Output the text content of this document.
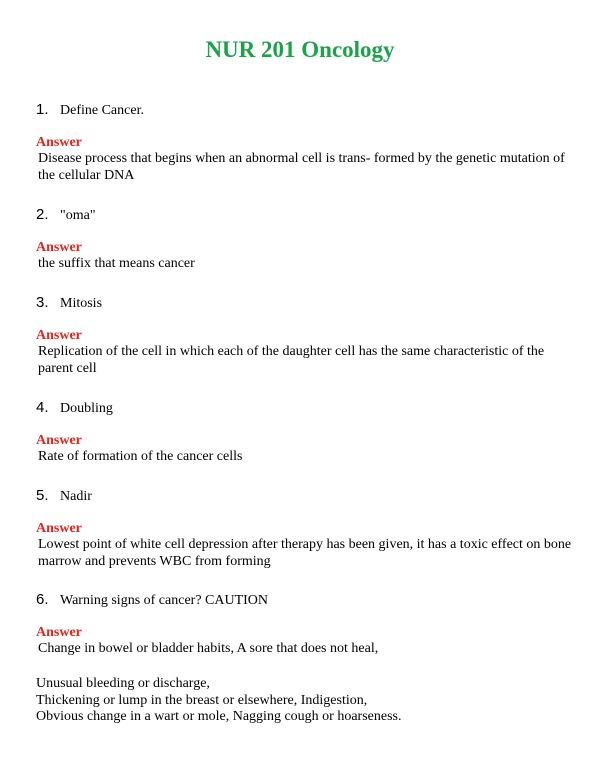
NUR 201 Oncology
1. Define Cancer.
Answer
Disease process that begins when an abnormal cell is trans- formed by the genetic mutation of the cellular DNA
2. "oma"
Answer
the suffix that means cancer
3. Mitosis
Answer
Replication of the cell in which each of the daughter cell has the same characteristic of the parent cell
4. Doubling
Answer
Rate of formation of the cancer cells
5. Nadir
Answer
Lowest point of white cell depression after therapy has been given, it has a toxic effect on bone marrow and prevents WBC from forming
6. Warning signs of cancer? CAUTION
Answer
Change in bowel or bladder habits, A sore that does not heal,
Unusual bleeding or discharge,
Thickening or lump in the breast or elsewhere, Indigestion,
Obvious change in a wart or mole, Nagging cough or hoarseness.
